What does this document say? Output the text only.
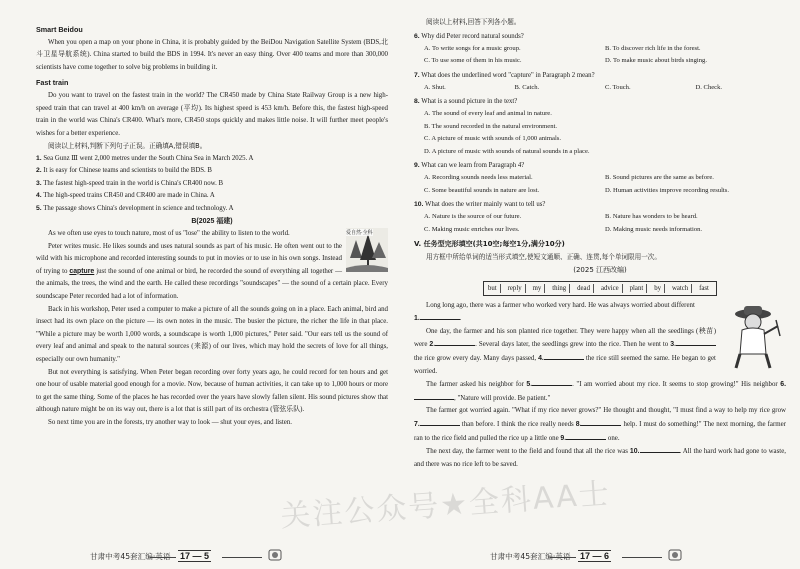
Smart Beidou

When you open a map on your phone in China, it is probably guided by the BeiDou Navigation Satellite System (BDS,北斗卫星导航系统). China started to build the BDS in 1994. It's never an easy thing. Over 400 teams and more than 300,000 scientists have come together to solve big problems in building it.

Fast train

Do you want to travel on the fastest train in the world? The CR450 made by China State Railway Group is a new high-speed train that can travel at 400 km/h on average (平均). Its highest speed is 453 km/h. Before this, the fastest high-speed train in the world was China's CR400. What's more, CR450 stops quickly and makes little noise. It will further meet people's wishes for a better experience.

阅读以上材料,判断下列句子正误。正确填A,错误填B。

1. Sea Gunz Ⅲ went 2,000 metres under the South China Sea in March 2025. A

2. It is easy for Chinese teams and scientists to build the BDS. B

3. The fastest high-speed train in the world is China's CR400 now. B

4. The high-speed trains CR450 and CR400 are made in China. A

5. The passage shows China's development in science and technology. A

B(2025 福建)

爱自然·全科

As we often use eyes to touch nature, most of us "lose" the ability to listen to the world.

Peter writes music. He likes sounds and uses natural sounds as part of his music. He often went out to the wild with his microphone and recorded interesting sounds to put in movies or to use in his own songs. Instead of trying to capture just the sound of one animal or bird, he recorded the sound of everything all together — the animals, the trees, the wind and the earth. He called these recordings "soundscapes" — the sound of a certain place. Every soundscape Peter recorded had a lot of information.

Back in his workshop, Peter used a computer to make a picture of all the sounds going on in a place. Each animal, bird and insect had its own place on the picture — its own notes in the music. The busier the picture, the richer the life in that place. "While a picture may be worth 1,000 words, a soundscape is worth 1,000 pictures," Peter said. "Our ears tell us the sound of every leaf and animal and speak to the natural sources (来源) of our lives, which may hold the secrets of love for all things, especially our own humanity."

But not everything is satisfying. When Peter began recording over forty years ago, he could record for ten hours and get one hour of usable material good enough for a movie. Now, because of human activities, it can take up to 1,000 hours or more to get the same thing. Some of the places he has recorded over the years have slowly fallen silent. His sound pictures show that although nature might be on its way out, there is a lot that is still part of its orchestra (管弦乐队).

So next time you are in the forests, try another way to look — shut your eyes, and listen.

甘肃中考45套汇编·英语 17 — 5

阅读以上材料,回答下列各小题。

6. Why did Peter record natural sounds?

A. To write songs for a music group.	B. To discover rich life in the forest.
C. To use some of them in his music.	D. To make music about birds singing.

7. What does the underlined word "capture" in Paragraph 2 mean?

A. Shut.	B. Catch.	C. Touch.	D. Check.

8. What is a sound picture in the text?

A. The sound of every leaf and animal in nature.
B. The sound recorded in the natural environment.
C. A picture of music with sounds of 1,000 animals.
D. A picture of music with sounds of natural sounds in a place.

9. What can we learn from Paragraph 4?

A. Recording sounds needs less material.	B. Sound pictures are the same as before.
C. Some beautiful sounds in nature are lost.	D. Human activities improve recording results.

10. What does the writer mainly want to tell us?

A. Nature is the source of our future.	B. Nature has wonders to be heard.
C. Making music enriches our lives.	D. Making music needs information.

V. 任务型完形填空(共10空;每空1分,满分10分)

用方框中所给单词的适当形式填空,使短文通顺、正确、连贯,每个单词限用一次。

(2025 江西改编)

but	reply	my	thing	dead	advice	plant	by	watch	fast

Long long ago, there was a farmer who worked very hard. He was always worried about different
1.	.

One day, the farmer and his son planted rice together. They were happy when all the seedlings (秧苗) were 2.	. Several days later, the seedlings grew into the rice. Then he went to 3. the rice grow every day. Many days passed, 4.	the rice still seemed the same. He began to get worried.

The farmer asked his neighbor for 5.	. "I am worried about my rice. It seems to stop growing!" His neighbor 6., "Nature will provide. Be patient."

The farmer got worried again. "What if my rice never grows?" He thought and thought, "I must find a way to help my rice grow 7.	than before. I think the rice really needs 8.	help. I must do something!" The next morning, the farmer ran to the rice field and pulled the rice up a little one 9.	one.

The next day, the farmer went to the field and found that all the rice was 10.	. All the hard work had gone to waste, and there was no rice left to be saved.

甘肃中考45套汇编·英语 17 — 6
关注公众号★全科AA士
